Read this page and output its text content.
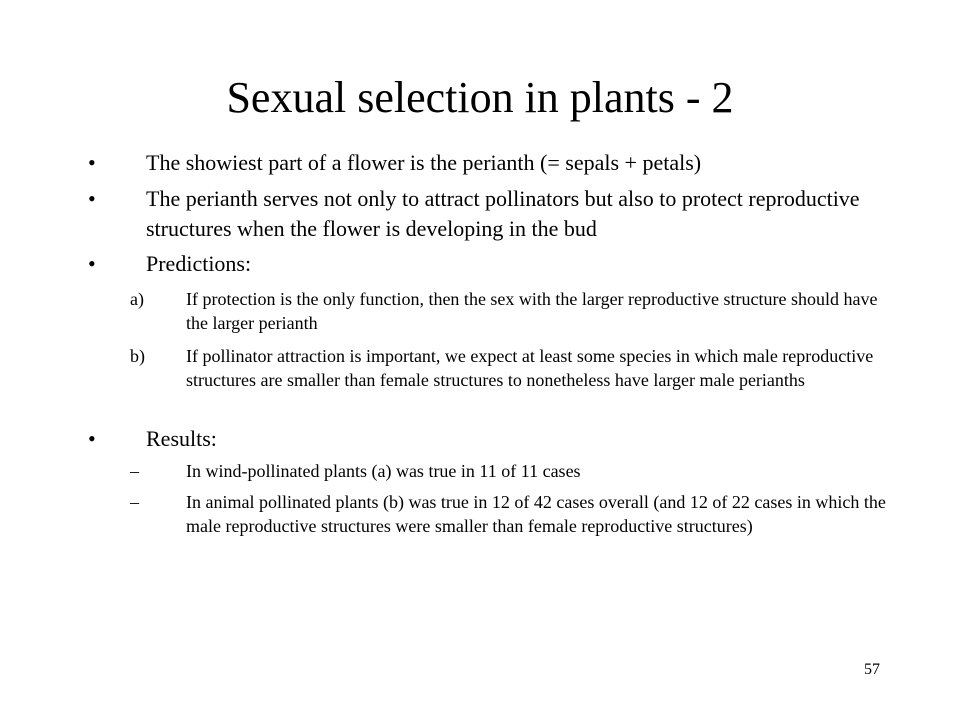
Sexual selection in plants - 2
• The showiest part of a flower is the perianth (= sepals + petals)
• The perianth serves not only to attract pollinators but also to protect reproductive structures when the flower is developing in the bud
• Predictions:
a) If protection is the only function, then the sex with the larger reproductive structure should have the larger perianth
b) If pollinator attraction is important, we expect at least some species in which male reproductive structures are smaller than female structures to nonetheless have larger male perianths
• Results:
–	In wind-pollinated plants (a) was true in 11 of 11 cases
–	In animal pollinated plants (b) was true in 12 of 42 cases overall (and 12 of 22 cases in which the male reproductive structures were smaller than female reproductive structures)
57
